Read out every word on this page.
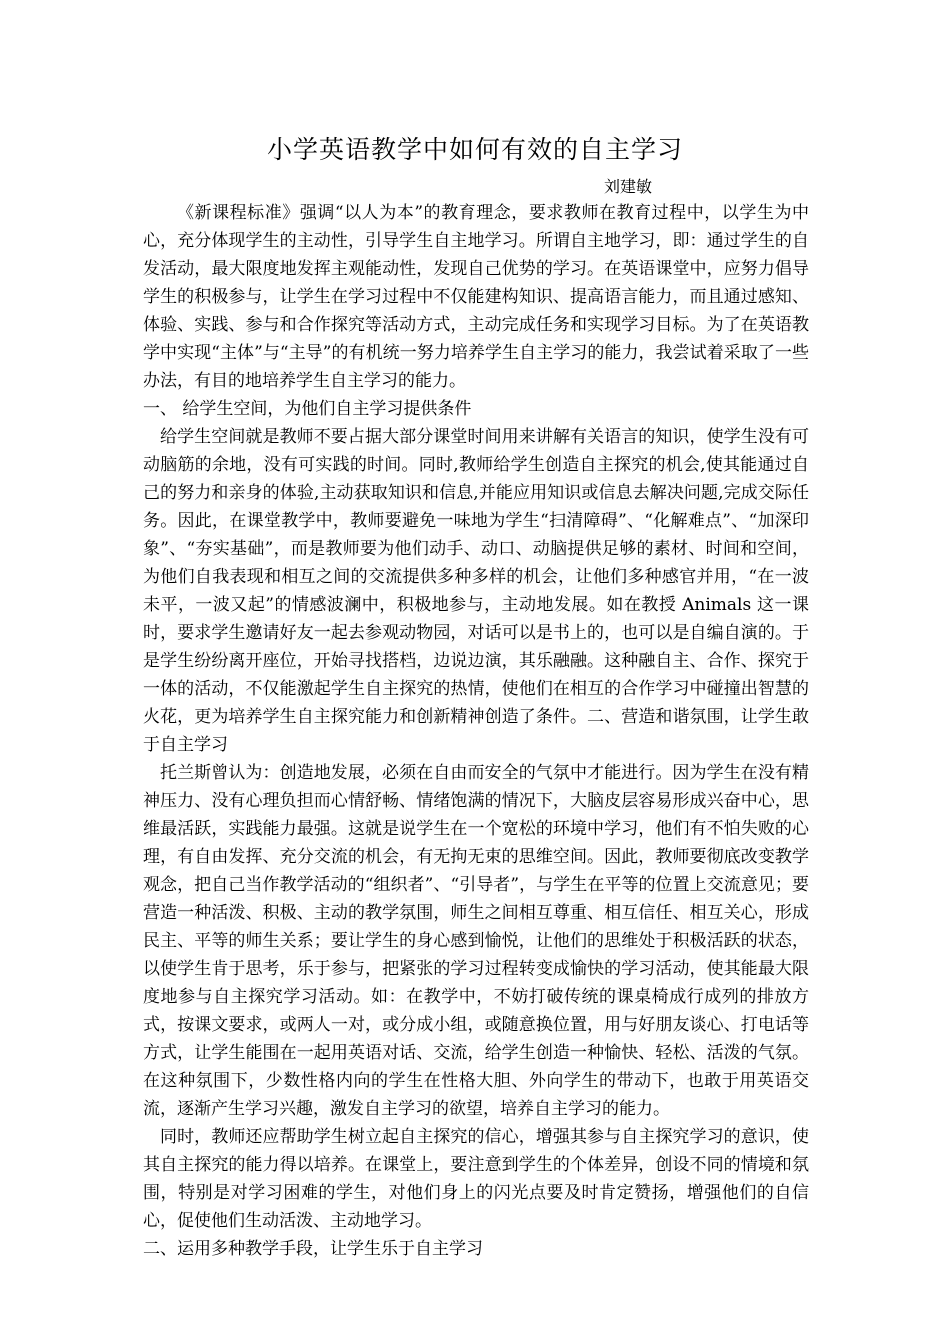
小学英语教学中如何有效的自主学习
刘建敏

《新课程标准》强调“以人为本”的教育理念，要求教师在教育过程中，以学生为中心，充分体现学生的主动性，引导学生自主地学习。所谓自主地学习，即：通过学生的自发活动，最大限度地发挥主观能动性，发现自己优势的学习。在英语课堂中，应努力倡导学生的积极参与，让学生在学习过程中不仅能建构知识、提高语言能力，而且通过感知、体验、实践、参与和合作探究等活动方式，主动完成任务和实现学习目标。为了在英语教学中实现“主体”与“主导”的有机统一努力培养学生自主学习的能力，我尝试着采取了一些办法，有目的地培养学生自主学习的能力。

一、 给学生空间，为他们自主学习提供条件

给学生空间就是教师不要占据大部分课堂时间用来讲解有关语言的知识，使学生没有可动脑筋的余地，没有可实践的时间。同时,教师给学生创造自主探究的机会,使其能通过自己的努力和亲身的体验,主动获取知识和信息,并能应用知识或信息去解决问题,完成交际任务。因此，在课堂教学中，教师要避免一味地为学生“扫清障碍”、“化解难点”、“加深印象”、“夯实基础”，而是教师要为他们动手、动口、动脑提供足够的素材、时间和空间，为他们自我表现和相互之间的交流提供多种多样的机会，让他们多种感官并用，“在一波未平，一波又起”的情感波澜中，积极地参与，主动地发展。如在教授 Animals 这一课时，要求学生邀请好友一起去参观动物园，对话可以是书上的，也可以是自编自演的。于是学生纷纷离开座位，开始寻找搭档，边说边演，其乐融融。这种融自主、合作、探究于一体的活动，不仅能激起学生自主探究的热情，使他们在相互的合作学习中碰撞出智慧的火花，更为培养学生自主探究能力和创新精神创造了条件。二、营造和谐氛围，让学生敢于自主学习

托兰斯曾认为：创造地发展，必须在自由而安全的气氛中才能进行。因为学生在没有精神压力、没有心理负担而心情舒畅、情绪饱满的情况下，大脑皮层容易形成兴奋中心，思维最活跃，实践能力最强。这就是说学生在一个宽松的环境中学习，他们有不怕失败的心理，有自由发挥、充分交流的机会，有无拘无束的思维空间。因此，教师要彻底改变教学观念，把自己当作教学活动的“组织者”、“引导者”，与学生在平等的位置上交流意见；要营造一种活泼、积极、主动的教学氛围，师生之间相互尊重、相互信任、相互关心，形成民主、平等的师生关系；要让学生的身心感到愉悦，让他们的思维处于积极活跃的状态，以使学生肯于思考，乐于参与，把紧张的学习过程转变成愉快的学习活动，使其能最大限度地参与自主探究学习活动。如：在教学中，不妨打破传统的课桌椅成行成列的排放方式，按课文要求，或两人一对，或分成小组，或随意换位置，用与好朋友谈心、打电话等方式，让学生能围在一起用英语对话、交流，给学生创造一种愉快、轻松、活泼的气氛。在这种氛围下，少数性格内向的学生在性格大胆、外向学生的带动下，也敢于用英语交流，逐渐产生学习兴趣，激发自主学习的欲望，培养自主学习的能力。

同时，教师还应帮助学生树立起自主探究的信心，增强其参与自主探究学习的意识，使其自主探究的能力得以培养。在课堂上，要注意到学生的个体差异，创设不同的情境和氛围，特别是对学习困难的学生，对他们身上的闪光点要及时肯定赞扬，增强他们的自信心，促使他们生动活泼、主动地学习。

二、运用多种教学手段，让学生乐于自主学习
